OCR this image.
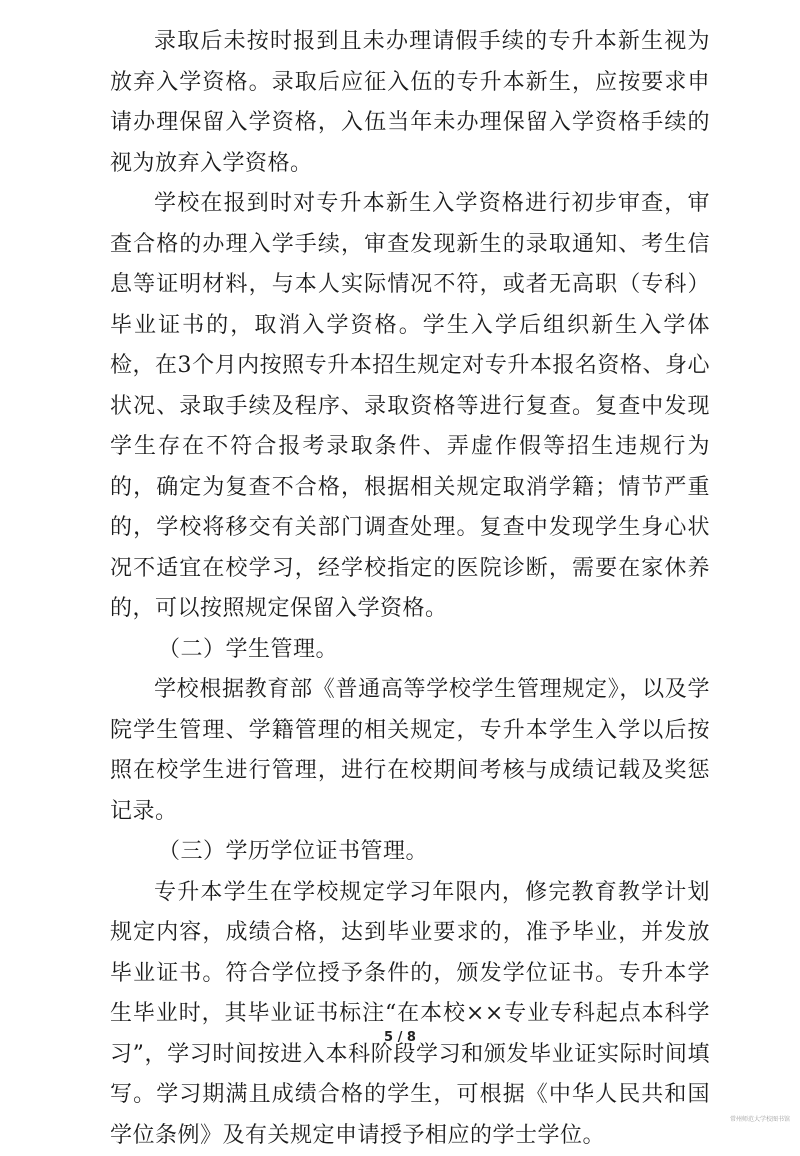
录取后未按时报到且未办理请假手续的专升本新生视为放弃入学资格。录取后应征入伍的专升本新生，应按要求申请办理保留入学资格，入伍当年未办理保留入学资格手续的视为放弃入学资格。

学校在报到时对专升本新生入学资格进行初步审查，审查合格的办理入学手续，审查发现新生的录取通知、考生信息等证明材料，与本人实际情况不符，或者无高职（专科）毕业证书的，取消入学资格。学生入学后组织新生入学体检，在3个月内按照专升本招生规定对专升本报名资格、身心状况、录取手续及程序、录取资格等进行复查。复查中发现学生存在不符合报考录取条件、弄虚作假等招生违规行为的，确定为复查不合格，根据相关规定取消学籍；情节严重的，学校将移交有关部门调查处理。复查中发现学生身心状况不适宜在校学习，经学校指定的医院诊断，需要在家休养的，可以按照规定保留入学资格。

（二）学生管理。

学校根据教育部《普通高等学校学生管理规定》，以及学院学生管理、学籍管理的相关规定，专升本学生入学以后按照在校学生进行管理，进行在校期间考核与成绩记载及奖惩记录。

（三）学历学位证书管理。

专升本学生在学校规定学习年限内，修完教育教学计划规定内容，成绩合格，达到毕业要求的，准予毕业，并发放毕业证书。符合学位授予条件的，颁发学位证书。专升本学生毕业时，其毕业证书标注“在本校××专业专科起点本科学习”，学习时间按进入本科阶段学习和颁发毕业证实际时间填写。学习期满且成绩合格的学生，可根据《中华人民共和国学位条例》及有关规定申请授予相应的学士学位。

5 / 8
常州师范大学校图书馆
